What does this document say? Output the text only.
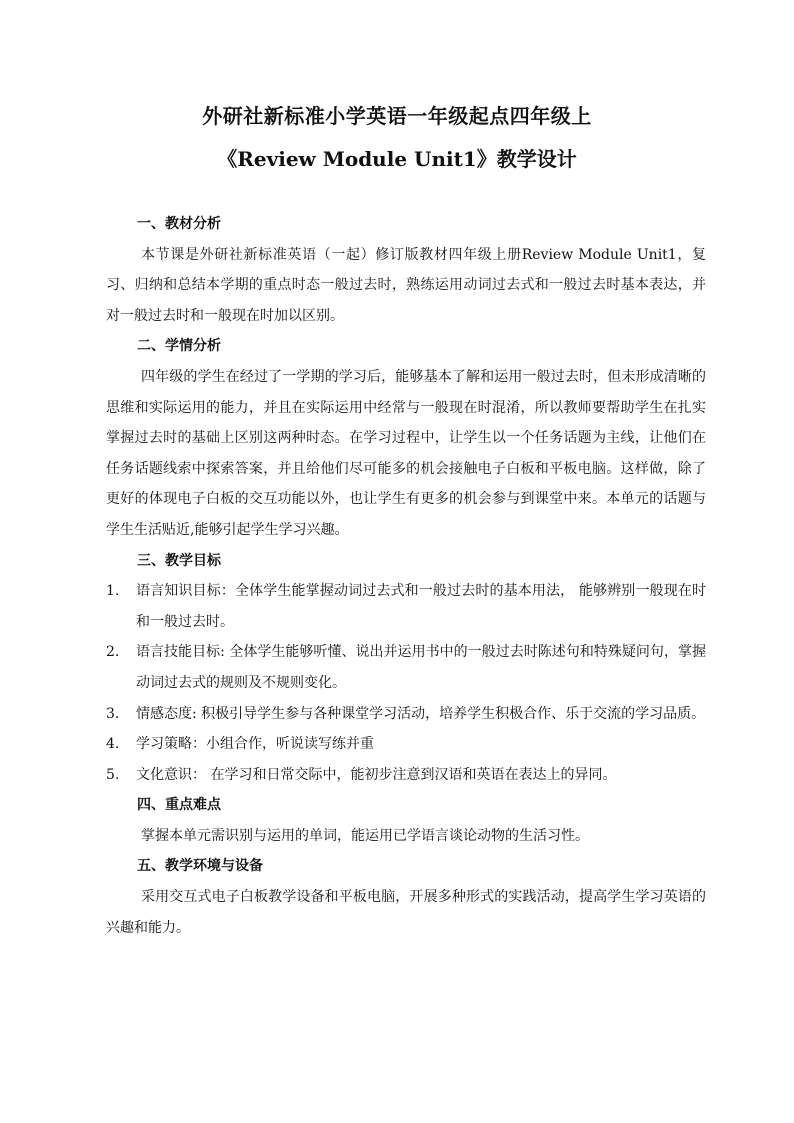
外研社新标准小学英语一年级起点四年级上
《Review Module Unit1》教学设计
一、教材分析
本节课是外研社新标准英语（一起）修订版教材四年级上册Review Module Unit1，复习、归纳和总结本学期的重点时态一般过去时，熟练运用动词过去式和一般过去时基本表达，并对一般过去时和一般现在时加以区别。
二、学情分析
四年级的学生在经过了一学期的学习后，能够基本了解和运用一般过去时，但未形成清晰的思维和实际运用的能力，并且在实际运用中经常与一般现在时混淆，所以教师要帮助学生在扎实掌握过去时的基础上区别这两种时态。在学习过程中，让学生以一个任务话题为主线，让他们在任务话题线索中探索答案，并且给他们尽可能多的机会接触电子白板和平板电脑。这样做，除了更好的体现电子白板的交互功能以外，也让学生有更多的机会参与到课堂中来。本单元的话题与学生生活贴近,能够引起学生学习兴趣。
三、教学目标
1. 语言知识目标：全体学生能掌握动词过去式和一般过去时的基本用法， 能够辨别一般现在时和一般过去时。
2. 语言技能目标: 全体学生能够听懂、说出并运用书中的一般过去时陈述句和特殊疑问句，掌握动词过去式的规则及不规则变化。
3. 情感态度: 积极引导学生参与各种课堂学习活动，培养学生积极合作、乐于交流的学习品质。
4. 学习策略：小组合作，听说读写练并重
5. 文化意识： 在学习和日常交际中，能初步注意到汉语和英语在表达上的异同。
四、重点难点
掌握本单元需识别与运用的单词，能运用已学语言谈论动物的生活习性。
五、教学环境与设备
采用交互式电子白板教学设备和平板电脑，开展多种形式的实践活动，提高学生学习英语的兴趣和能力。
